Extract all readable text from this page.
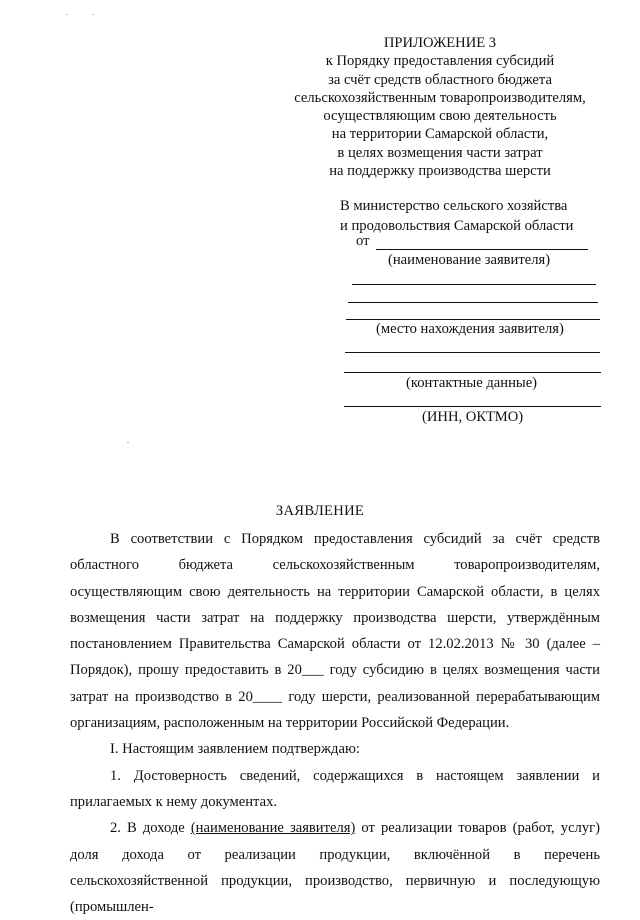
ПРИЛОЖЕНИЕ 3
к Порядку предоставления субсидий
за счёт средств областного бюджета
сельскохозяйственным товаропроизводителям,
осуществляющим свою деятельность
на территории Самарской области,
в целях возмещения части затрат
на поддержку производства шерсти
В министерство сельского хозяйства
и продовольствия Самарской области
от
(наименование заявителя)
(место нахождения заявителя)
(контактные данные)
(ИНН, ОКТМО)
ЗАЯВЛЕНИЕ

В соответствии с Порядком предоставления субсидий за счёт средств областного бюджета сельскохозяйственным товаропроизводителям, осуществляющим свою деятельность на территории Самарской области, в целях возмещения части затрат на поддержку производства шерсти, утверждённым постановлением Правительства Самарской области от 12.02.2013 № 30 (далее – Порядок), прошу предоставить в 20___ году субсидию в целях возмещения части затрат на производство в 20____ году шерсти, реализованной перерабатывающим организациям, расположенным на территории Российской Федерации.

I. Настоящим заявлением подтверждаю:

1. Достоверность сведений, содержащихся в настоящем заявлении и прилагаемых к нему документах.

2. В доходе (наименование заявителя) от реализации товаров (работ, услуг) доля дохода от реализации продукции, включённой в перечень сельскохозяйственной продукции, производство, первичную и последующую (промышлен-
